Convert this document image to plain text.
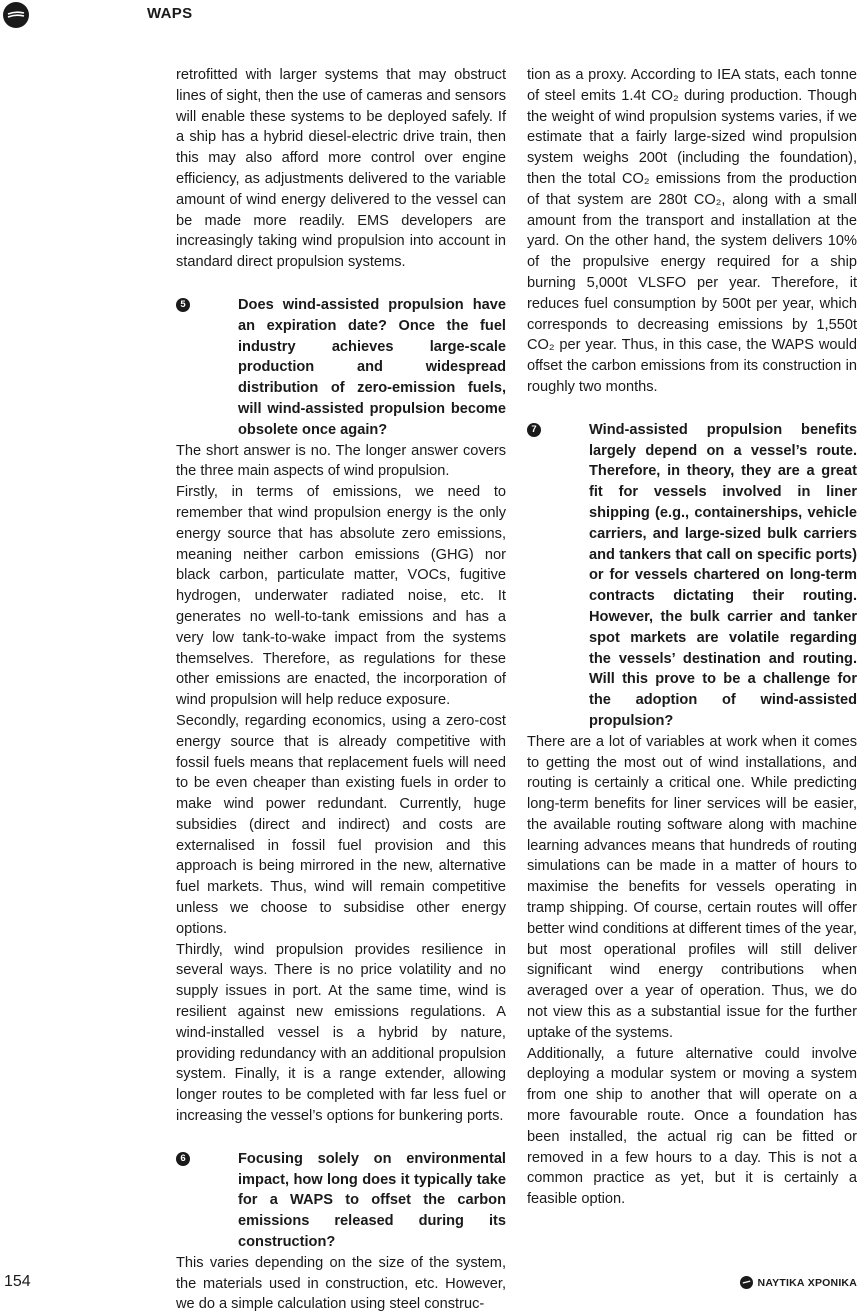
WAPS

retrofitted with larger systems that may obstruct lines of sight, then the use of cameras and sensors will enable these systems to be deployed safely. If a ship has a hybrid diesel-electric drive train, then this may also afford more control over engine efficiency, as adjustments delivered to the variable amount of wind energy delivered to the vessel can be made more readily. EMS developers are increasingly taking wind propulsion into account in standard direct propulsion systems.

5	Does wind-assisted propulsion have an expiration date? Once the fuel industry achieves large-scale production and widespread distribution of zero-emission fuels, will wind-assisted propulsion become obsolete once again?

The short answer is no. The longer answer covers the three main aspects of wind propulsion.

Firstly, in terms of emissions, we need to remember that wind propulsion energy is the only energy source that has absolute zero emissions, meaning neither carbon emissions (GHG) nor black carbon, particulate matter, VOCs, fugitive hydrogen, underwater radiated noise, etc. It generates no well-to-tank emissions and has a very low tank-to-wake impact from the systems themselves. Therefore, as regulations for these other emissions are enacted, the incorporation of wind propulsion will help reduce exposure.

Secondly, regarding economics, using a zero-cost energy source that is already competitive with fossil fuels means that replacement fuels will need to be even cheaper than existing fuels in order to make wind power redundant. Currently, huge subsidies (direct and indirect) and costs are externalised in fossil fuel provision and this approach is being mirrored in the new, alternative fuel markets. Thus, wind will remain competitive unless we choose to subsidise other energy options.

Thirdly, wind propulsion provides resilience in several ways. There is no price volatility and no supply issues in port. At the same time, wind is resilient against new emissions regulations. A wind-installed vessel is a hybrid by nature, providing redundancy with an additional propulsion system. Finally, it is a range extender, allowing longer routes to be completed with far less fuel or increasing the vessel’s options for bunkering ports.

6	Focusing solely on environmental impact, how long does it typically take for a WAPS to offset the carbon emissions released during its construction?

This varies depending on the size of the system, the materials used in construction, etc. However, we do a simple calculation using steel construc-

tion as a proxy. According to IEA stats, each tonne of steel emits 1.4t CO₂ during production. Though the weight of wind propulsion systems varies, if we estimate that a fairly large-sized wind propulsion system weighs 200t (including the foundation), then the total CO₂ emissions from the production of that system are 280t CO₂, along with a small amount from the transport and installation at the yard. On the other hand, the system delivers 10% of the propulsive energy required for a ship burning 5,000t VLSFO per year. Therefore, it reduces fuel consumption by 500t per year, which corresponds to decreasing emissions by 1,550t CO₂ per year. Thus, in this case, the WAPS would offset the carbon emissions from its construction in roughly two months.

7	Wind-assisted propulsion benefits largely depend on a vessel’s route. Therefore, in theory, they are a great fit for vessels involved in liner shipping (e.g., containerships, vehicle carriers, and large-sized bulk carriers and tankers that call on specific ports) or for vessels chartered on long-term contracts dictating their routing. However, the bulk carrier and tanker spot markets are volatile regarding the vessels’ destination and routing. Will this prove to be a challenge for the adoption of wind-assisted propulsion?

There are a lot of variables at work when it comes to getting the most out of wind installations, and routing is certainly a critical one. While predicting long-term benefits for liner services will be easier, the available routing software along with machine learning advances means that hundreds of routing simulations can be made in a matter of hours to maximise the benefits for vessels operating in tramp shipping. Of course, certain routes will offer better wind conditions at different times of the year, but most operational profiles will still deliver significant wind energy contributions when averaged over a year of operation. Thus, we do not view this as a substantial issue for the further uptake of the systems.

Additionally, a future alternative could involve deploying a modular system or moving a system from one ship to another that will operate on a more favourable route. Once a foundation has been installed, the actual rig can be fitted or removed in a few hours to a day. This is not a common practice as yet, but it is certainly a feasible option.

154	ΝΑΥΤΙΚΑ ΧΡΟΝΙΚΑ
